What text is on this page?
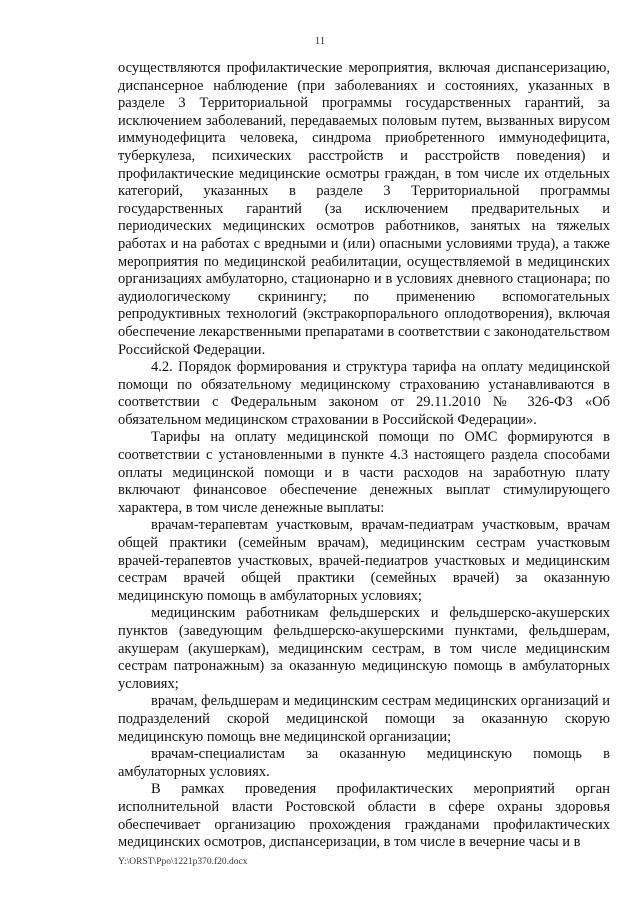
11

осуществляются профилактические мероприятия, включая диспансеризацию, диспансерное наблюдение (при заболеваниях и состояниях, указанных в разделе 3 Территориальной программы государственных гарантий, за исключением заболеваний, передаваемых половым путем, вызванных вирусом иммунодефицита человека, синдрома приобретенного иммунодефицита, туберкулеза, психических расстройств и расстройств поведения) и профилактические медицинские осмотры граждан, в том числе их отдельных категорий, указанных в разделе 3 Территориальной программы государственных гарантий (за исключением предварительных и периодических медицинских осмотров работников, занятых на тяжелых работах и на работах с вредными и (или) опасными условиями труда), а также мероприятия по медицинской реабилитации, осуществляемой в медицинских организациях амбулаторно, стационарно и в условиях дневного стационара; по аудиологическому скринингу; по применению вспомогательных репродуктивных технологий (экстракорпорального оплодотворения), включая обеспечение лекарственными препаратами в соответствии с законодательством Российской Федерации.

4.2. Порядок формирования и структура тарифа на оплату медицинской помощи по обязательному медицинскому страхованию устанавливаются в соответствии с Федеральным законом от 29.11.2010 № 326-ФЗ «Об обязательном медицинском страховании в Российской Федерации».

Тарифы на оплату медицинской помощи по ОМС формируются в соответствии с установленными в пункте 4.3 настоящего раздела способами оплаты медицинской помощи и в части расходов на заработную плату включают финансовое обеспечение денежных выплат стимулирующего характера, в том числе денежные выплаты:

врачам-терапевтам участковым, врачам-педиатрам участковым, врачам общей практики (семейным врачам), медицинским сестрам участковым врачей-терапевтов участковых, врачей-педиатров участковых и медицинским сестрам врачей общей практики (семейных врачей) за оказанную медицинскую помощь в амбулаторных условиях;

медицинским работникам фельдшерских и фельдшерско-акушерских пунктов (заведующим фельдшерско-акушерскими пунктами, фельдшерам, акушерам (акушеркам), медицинским сестрам, в том числе медицинским сестрам патронажным) за оказанную медицинскую помощь в амбулаторных условиях;

врачам, фельдшерам и медицинским сестрам медицинских организаций и подразделений скорой медицинской помощи за оказанную скорую медицинскую помощь вне медицинской организации;

врачам-специалистам за оказанную медицинскую помощь в амбулаторных условиях.

В рамках проведения профилактических мероприятий орган исполнительной власти Ростовской области в сфере охраны здоровья обеспечивает организацию прохождения гражданами профилактических медицинских осмотров, диспансеризации, в том числе в вечерние часы и в

Y:\ORST\Ppo\1221p370.f20.docx
